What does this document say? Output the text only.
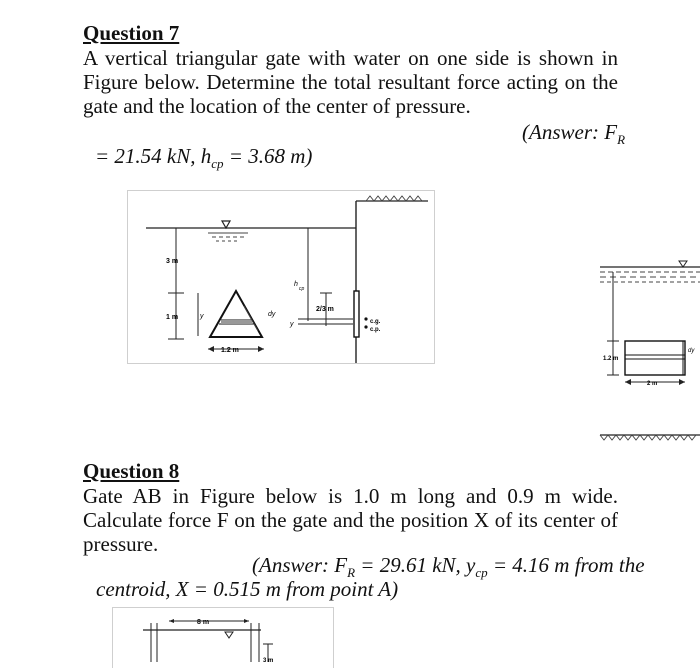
Question 7
A vertical triangular gate with water on one side is shown in
Figure below. Determine the total resultant force acting on the
gate and the location of the center of pressure.
(Answer: $F_R$
= 21.54 kN, $h_{cp} = 3.68$ m)
3 m
1 m	y	dy
1.2 m
h
cp
y
2/3 m
c.g.
c.p.
1.2 m
dy
2 m
Question 8
Gate AB in Figure below is 1.0 m long and 0.9 m wide.
Calculate force F on the gate and the position X of its center of
pressure.
(Answer: $F_R = 29.61$ kN, $y_{cp} = 4.16$ m from the
centroid, X = 0.515 m from point A)
8 m
3 m
